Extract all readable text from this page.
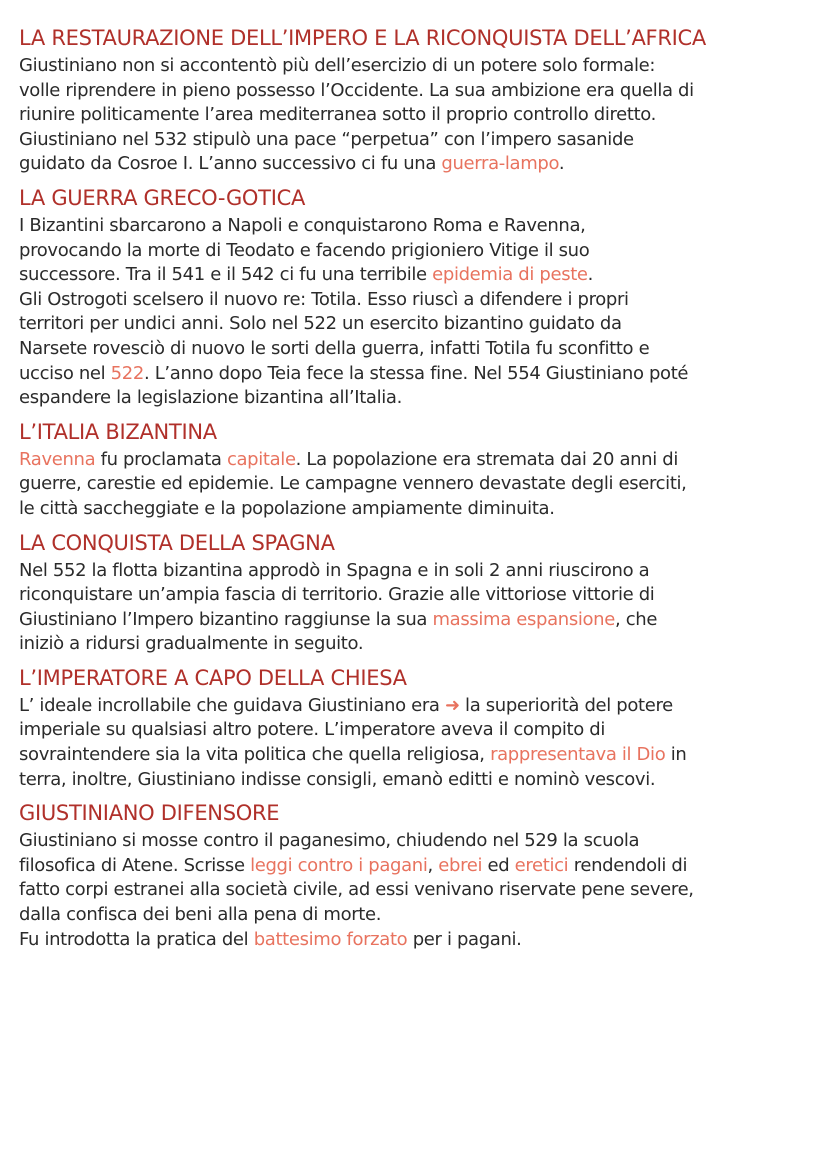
LA RESTAURAZIONE DELL’IMPERO E LA RICONQUISTA DELL’AFRICA
Giustiniano non si accontentò più dell’esercizio di un potere solo formale:
volle riprendere in pieno possesso l’Occidente. La sua ambizione era quella di
riunire politicamente l’area mediterranea sotto il proprio controllo diretto.
Giustiniano nel 532 stipulò una pace “perpetua” con l’impero sasanide
guidato da Cosroe I. L’anno successivo ci fu una guerra-lampo.
LA GUERRA GRECO-GOTICA
I Bizantini sbarcarono a Napoli e conquistarono Roma e Ravenna,
provocando la morte di Teodato e facendo prigioniero Vitige il suo
successore. Tra il 541 e il 542 ci fu una terribile epidemia di peste.
Gli Ostrogoti scelsero il nuovo re: Totila. Esso riuscì a difendere i propri
territori per undici anni. Solo nel 522 un esercito bizantino guidato da
Narsete rovesciò di nuovo le sorti della guerra, infatti Totila fu sconfitto e
ucciso nel 522. L’anno dopo Teia fece la stessa fine. Nel 554 Giustiniano poté
espandere la legislazione bizantina all’Italia.
L’ITALIA BIZANTINA
Ravenna fu proclamata capitale. La popolazione era stremata dai 20 anni di
guerre, carestie ed epidemie. Le campagne vennero devastate degli eserciti,
le città saccheggiate e la popolazione ampiamente diminuita.
LA CONQUISTA DELLA SPAGNA
Nel 552 la flotta bizantina approdò in Spagna e in soli 2 anni riuscirono a
riconquistare un’ampia fascia di territorio. Grazie alle vittoriose vittorie di
Giustiniano l’Impero bizantino raggiunse la sua massima espansione, che
iniziò a ridursi gradualmente in seguito.
L’IMPERATORE A CAPO DELLA CHIESA
L’ ideale incrollabile che guidava Giustiniano era ➜ la superiorità del potere
imperiale su qualsiasi altro potere. L’imperatore aveva il compito di
sovraintendere sia la vita politica che quella religiosa, rappresentava il Dio in
terra, inoltre, Giustiniano indisse consigli, emanò editti e nominò vescovi.
GIUSTINIANO DIFENSORE
Giustiniano si mosse contro il paganesimo, chiudendo nel 529 la scuola
filosofica di Atene. Scrisse leggi contro i pagani, ebrei ed eretici rendendoli di
fatto corpi estranei alla società civile, ad essi venivano riservate pene severe,
dalla confisca dei beni alla pena di morte.
Fu introdotta la pratica del battesimo forzato per i pagani.
